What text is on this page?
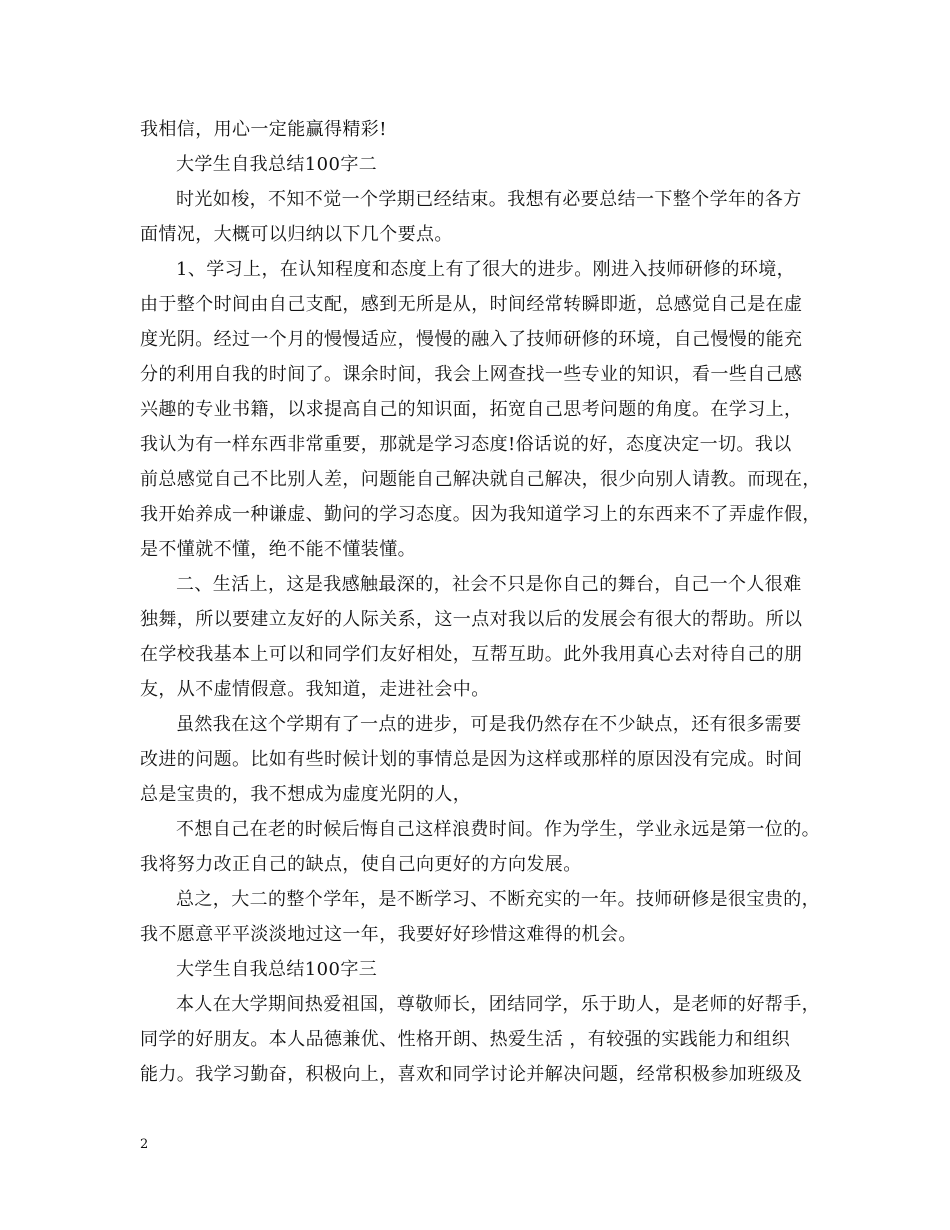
我相信，用心一定能赢得精彩!
大学生自我总结100字二
时光如梭，不知不觉一个学期已经结束。我想有必要总结一下整个学年的各方
面情况，大概可以归纳以下几个要点。
1、学习上，在认知程度和态度上有了很大的进步。刚进入技师研修的环境，
由于整个时间由自己支配，感到无所是从，时间经常转瞬即逝，总感觉自己是在虚
度光阴。经过一个月的慢慢适应，慢慢的融入了技师研修的环境，自己慢慢的能充
分的利用自我的时间了。课余时间，我会上网查找一些专业的知识，看一些自己感
兴趣的专业书籍，以求提高自己的知识面，拓宽自己思考问题的角度。在学习上，
我认为有一样东西非常重要，那就是学习态度!俗话说的好，态度决定一切。我以
前总感觉自己不比别人差，问题能自己解决就自己解决，很少向别人请教。而现在，
我开始养成一种谦虚、勤问的学习态度。因为我知道学习上的东西来不了弄虚作假，
是不懂就不懂，绝不能不懂装懂。
二、生活上，这是我感触最深的，社会不只是你自己的舞台，自己一个人很难
独舞，所以要建立友好的人际关系，这一点对我以后的发展会有很大的帮助。所以
在学校我基本上可以和同学们友好相处，互帮互助。此外我用真心去对待自己的朋
友，从不虚情假意。我知道，走进社会中。
虽然我在这个学期有了一点的进步，可是我仍然存在不少缺点，还有很多需要
改进的问题。比如有些时候计划的事情总是因为这样或那样的原因没有完成。时间
总是宝贵的，我不想成为虚度光阴的人，
不想自己在老的时候后悔自己这样浪费时间。作为学生，学业永远是第一位的。
我将努力改正自己的缺点，使自己向更好的方向发展。
总之，大二的整个学年，是不断学习、不断充实的一年。技师研修是很宝贵的，
我不愿意平平淡淡地过这一年，我要好好珍惜这难得的机会。
大学生自我总结100字三
本人在大学期间热爱祖国，尊敬师长，团结同学，乐于助人，是老师的好帮手，
同学的好朋友。本人品德兼优、性格开朗、热爱生活 ，有较强的实践能力和组织
能力。我学习勤奋，积极向上，喜欢和同学讨论并解决问题，经常积极参加班级及
2
